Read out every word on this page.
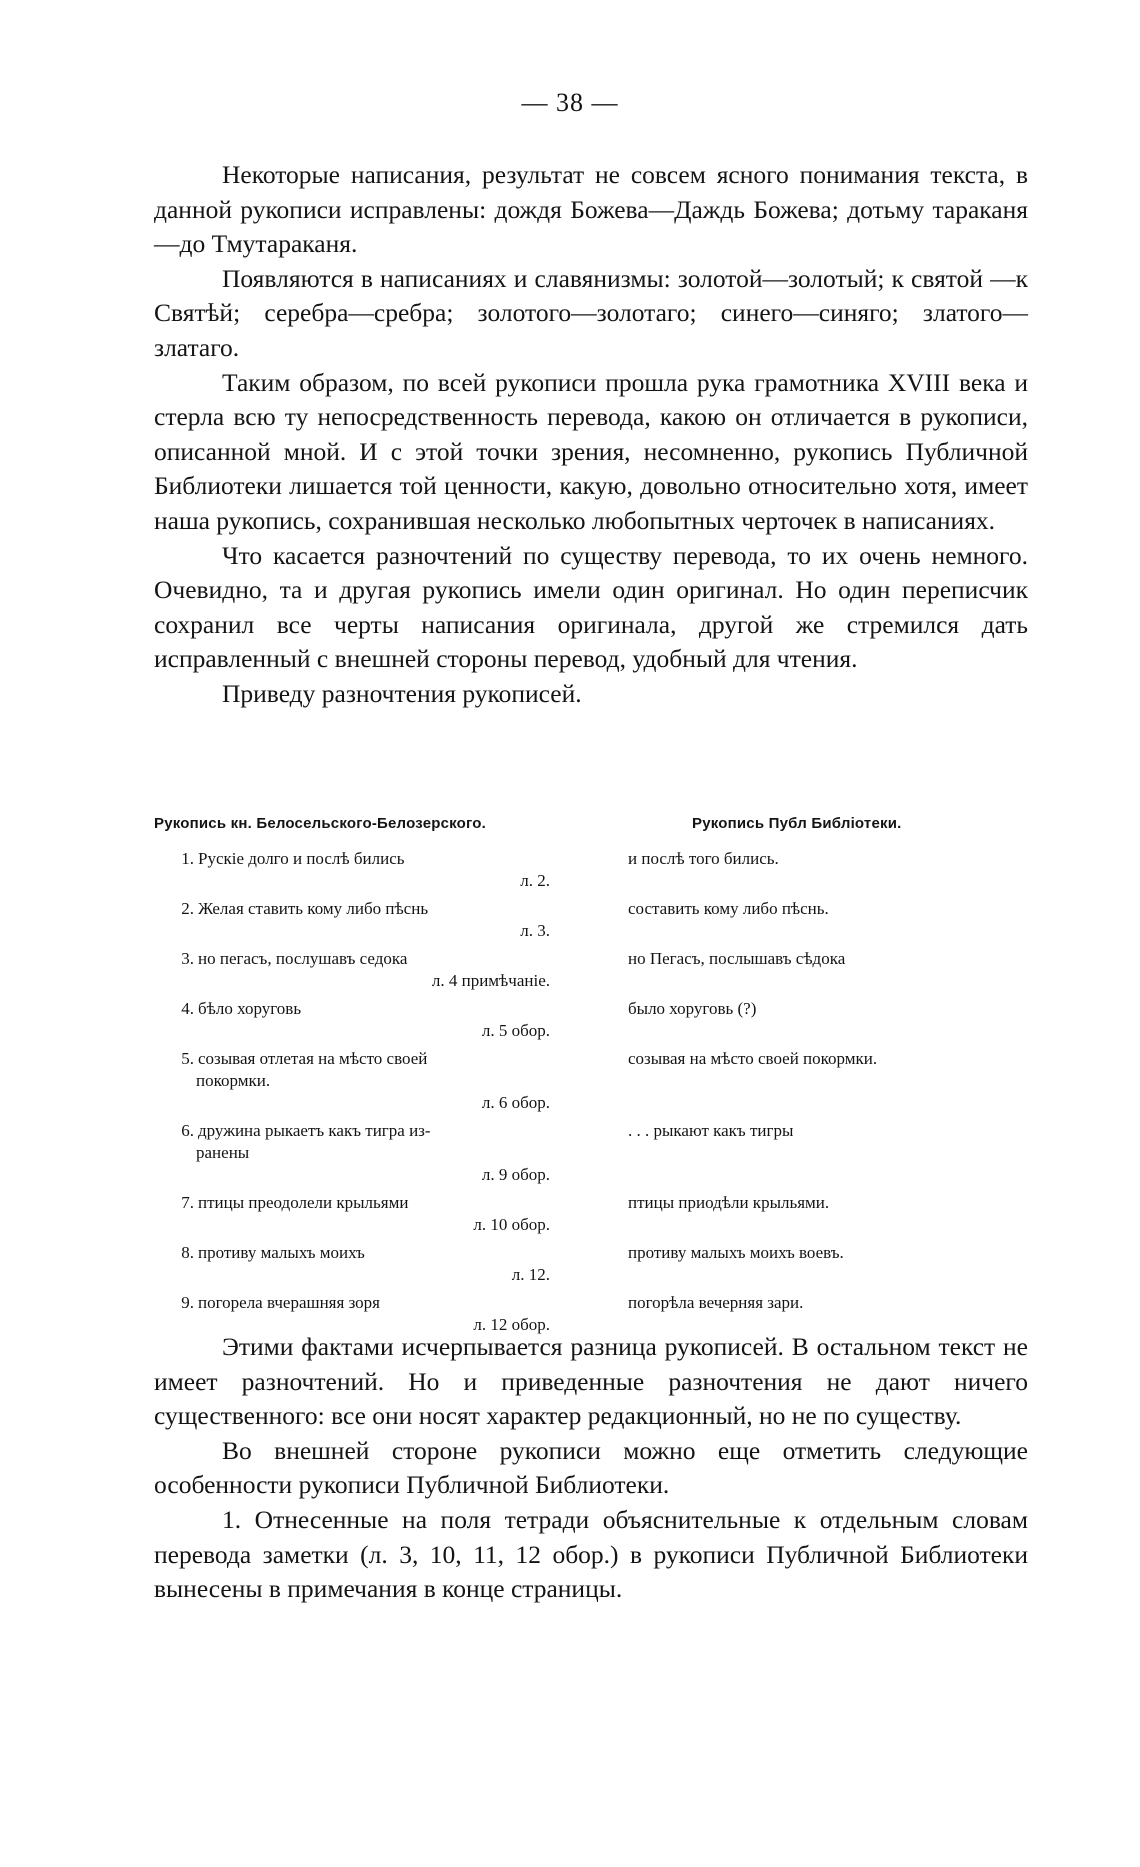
— 38 —

Некоторые написания, результат не совсем ясного понимания текста, в данной рукописи исправлены: дождя Божева—Даждь Божева; дотьму тараканя—до Тмутараканя.

Появляются в написаниях и славянизмы: золотой—золотый; к святой —к Святѣй; серебра—сребра; золотого—золотаго; синего—синяго; златого—златаго.

Таким образом, по всей рукописи прошла рука грамотника XVIII века и стерла всю ту непосредственность перевода, какою он отличается в рукописи, описанной мной. И с этой точки зрения, несомненно, рукопись Публичной Библиотеки лишается той ценности, какую, довольно относительно хотя, имеет наша рукопись, сохранившая несколько любопытных черточек в написаниях.

Что касается разночтений по существу перевода, то их очень немного. Очевидно, та и другая рукопись имели один оригинал. Но один переписчик сохранил все черты написания оригинала, другой же стремился дать исправленный с внешней стороны перевод, удобный для чтения.

Приведу разночтения рукописей.

Рукопись кн. Белосельского-Белозерского.	Рукопись Публ Библіотеки.
1. Рускіе долго и послѣ бились
л. 2.
и послѣ того бились.
2. Желая ставить кому либо пѣснь
л. 3.
составить кому либо пѣснь.
3. но пегасъ, послушавъ седока
л. 4 примѣчаніе.
но Пегасъ, послышавъ сѣдока
4. бѣло хоруговь
л. 5 обор.
было хоруговь (?)
5. созывая отлетая на мѣсто своей
покормки.
л. 6 обор.
созывая на мѣсто своей покормки.
6. дружина рыкаетъ какъ тигра из-
ранены
л. 9 обор.
. . . рыкают какъ тигры
7. птицы преодолели крыльями
л. 10 обор.
птицы приодѣли крыльями.
8. противу малыхъ моихъ
л. 12.
противу малыхъ моихъ воевъ.
9. погорела вчерашняя зоря
л. 12 обор.
погорѣла вечерняя зари.

Этими фактами исчерпывается разница рукописей. В остальном текст не имеет разночтений. Но и приведенные разночтения не дают ничего существенного: все они носят характер редакционный, но не по существу.

Во внешней стороне рукописи можно еще отметить следующие особенности рукописи Публичной Библиотеки.

1. Отнесенные на поля тетради объяснительные к отдельным словам перевода заметки (л. 3, 10, 11, 12 обор.) в рукописи Публичной Библиотеки вынесены в примечания в конце страницы.
